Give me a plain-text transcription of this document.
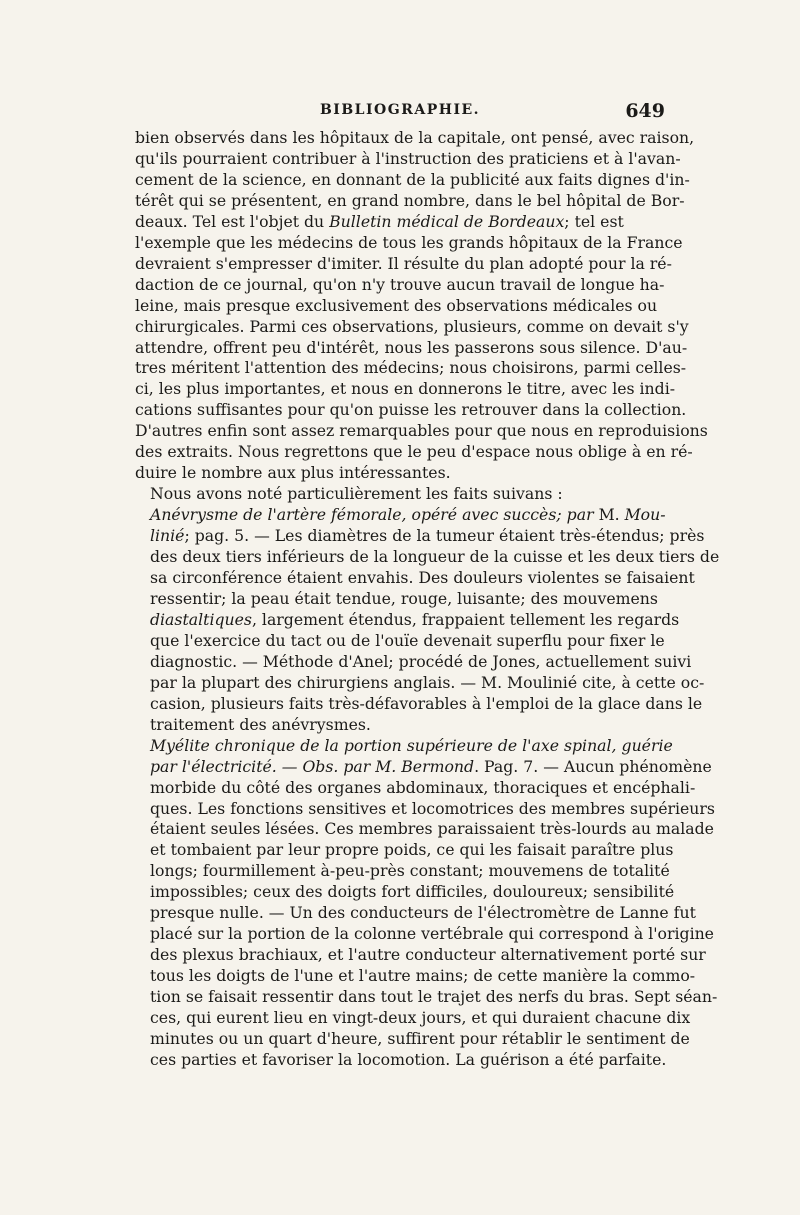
BIBLIOGRAPHIE.	649

bien observés dans les hôpitaux de la capitale, ont pensé, avec raison,
qu'ils pourraient contribuer à l'instruction des praticiens et à l'avan-
cement de la science, en donnant de la publicité aux faits dignes d'in-
térêt qui se présentent, en grand nombre, dans le bel hôpital de Bor-
deaux. Tel est l'objet du Bulletin médical de Bordeaux; tel est
l'exemple que les médecins de tous les grands hôpitaux de la France
devraient s'empresser d'imiter. Il résulte du plan adopté pour la ré-
daction de ce journal, qu'on n'y trouve aucun travail de longue ha-
leine, mais presque exclusivement des observations médicales ou
chirurgicales. Parmi ces observations, plusieurs, comme on devait s'y
attendre, offrent peu d'intérêt, nous les passerons sous silence. D'au-
tres méritent l'attention des médecins; nous choisirons, parmi celles-
ci, les plus importantes, et nous en donnerons le titre, avec les indi-
cations suffisantes pour qu'on puisse les retrouver dans la collection.
D'autres enfin sont assez remarquables pour que nous en reproduisions
des extraits. Nous regrettons que le peu d'espace nous oblige à en ré-
duire le nombre aux plus intéressantes.

Nous avons noté particulièrement les faits suivans :

Anévrysme de l'artère fémorale, opéré avec succès; par M. Mou-
linié; pag. 5. — Les diamètres de la tumeur étaient très-étendus; près
des deux tiers inférieurs de la longueur de la cuisse et les deux tiers de
sa circonférence étaient envahis. Des douleurs violentes se faisaient
ressentir; la peau était tendue, rouge, luisante; des mouvemens
diastaltiques, largement étendus, frappaient tellement les regards
que l'exercice du tact ou de l'ouïe devenait superflu pour fixer le
diagnostic. — Méthode d'Anel; procédé de Jones, actuellement suivi
par la plupart des chirurgiens anglais. — M. Moulinié cite, à cette oc-
casion, plusieurs faits très-défavorables à l'emploi de la glace dans le
traitement des anévrysmes.

Myélite chronique de la portion supérieure de l'axe spinal, guérie
par l'électricité. — Obs. par M. Bermond. Pag. 7. — Aucun phénomène
morbide du côté des organes abdominaux, thoraciques et encéphali-
ques. Les fonctions sensitives et locomotrices des membres supérieurs
étaient seules lésées. Ces membres paraissaient très-lourds au malade
et tombaient par leur propre poids, ce qui les faisait paraître plus
longs; fourmillement à-peu-près constant; mouvemens de totalité
impossibles; ceux des doigts fort difficiles, douloureux; sensibilité
presque nulle. — Un des conducteurs de l'électromètre de Lanne fut
placé sur la portion de la colonne vertébrale qui correspond à l'origine
des plexus brachiaux, et l'autre conducteur alternativement porté sur
tous les doigts de l'une et l'autre mains; de cette manière la commo-
tion se faisait ressentir dans tout le trajet des nerfs du bras. Sept séan-
ces, qui eurent lieu en vingt-deux jours, et qui duraient chacune dix
minutes ou un quart d'heure, suffirent pour rétablir le sentiment de
ces parties et favoriser la locomotion. La guérison a été parfaite.
